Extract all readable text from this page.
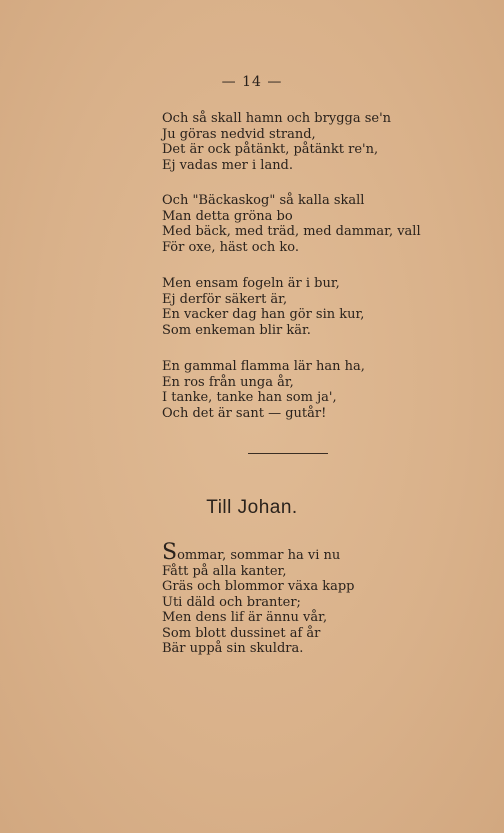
— 14 —
Och så skall hamn och brygga se'n
Ju göras nedvid strand,
Det är ock påtänkt, påtänkt re'n,
Ej vadas mer i land.
Och "Bäckaskog" så kalla skall
Man detta gröna bo
Med bäck, med träd, med dammar, vall
För oxe, häst och ko.
Men ensam fogeln är i bur,
Ej derför säkert är,
En vacker dag han gör sin kur,
Som enkeman blir kär.
En gammal flamma lär han ha,
En ros från unga år,
I tanke, tanke han som ja',
Och det är sant — gutår!
Till Johan.
S ommar, sommar ha vi nu
Fått på alla kanter,
Gräs och blommor växa kapp
Uti däld och branter;
Men dens lif är ännu vår,
Som blott dussinet af år
Bär uppå sin skuldra.
